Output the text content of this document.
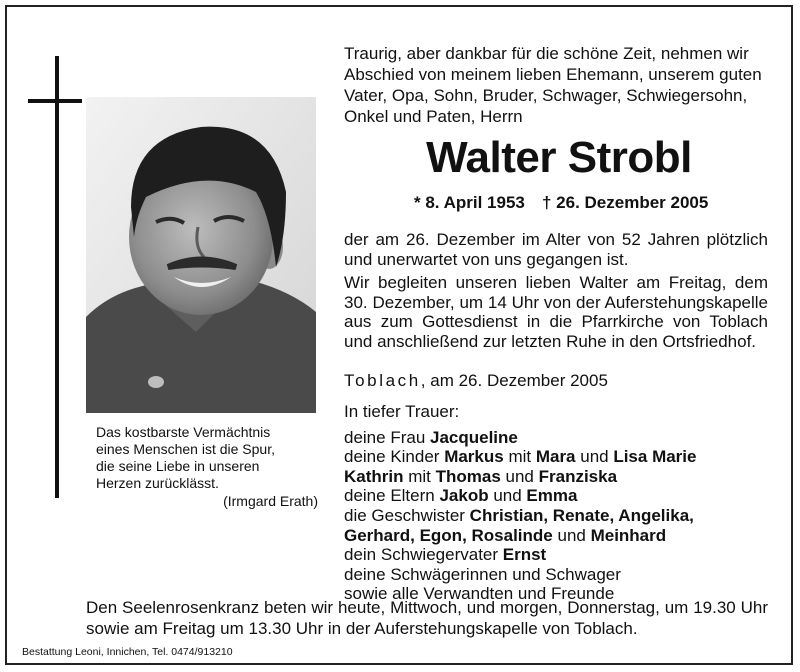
Das kostbarste Vermächtnis
eines Menschen ist die Spur,
die seine Liebe in unseren
Herzen zurücklässt.
(Irmgard Erath)
Traurig, aber dankbar für die schöne Zeit, nehmen wir
Abschied von meinem lieben Ehemann, unserem guten
Vater, Opa, Sohn, Bruder, Schwager, Schwiegersohn,
Onkel und Paten, Herrn
Walter Strobl
* 8. April 1953 † 26. Dezember 2005

der am 26. Dezember im Alter von 52 Jahren plötzlich und unerwartet von uns gegangen ist.

Wir begleiten unseren lieben Walter am Freitag, dem 30. Dezember, um 14 Uhr von der Auferstehungskapelle aus zum Gottesdienst in die Pfarrkirche von Toblach und anschließend zur letzten Ruhe in den Ortsfriedhof.

Toblach, am 26. Dezember 2005
In tiefer Trauer:
deine Frau Jacqueline
deine Kinder Markus mit Mara und Lisa Marie
Kathrin mit Thomas und Franziska
deine Eltern Jakob und Emma
die Geschwister Christian, Renate, Angelika,
Gerhard, Egon, Rosalinde und Meinhard
dein Schwiegervater Ernst
deine Schwägerinnen und Schwager
sowie alle Verwandten und Freunde
Den Seelenrosenkranz beten wir heute, Mittwoch, und morgen, Donnerstag, um 19.30 Uhr sowie am Freitag um 13.30 Uhr in der Auferstehungskapelle von Toblach.
Bestattung Leoni, Innichen, Tel. 0474/913210
